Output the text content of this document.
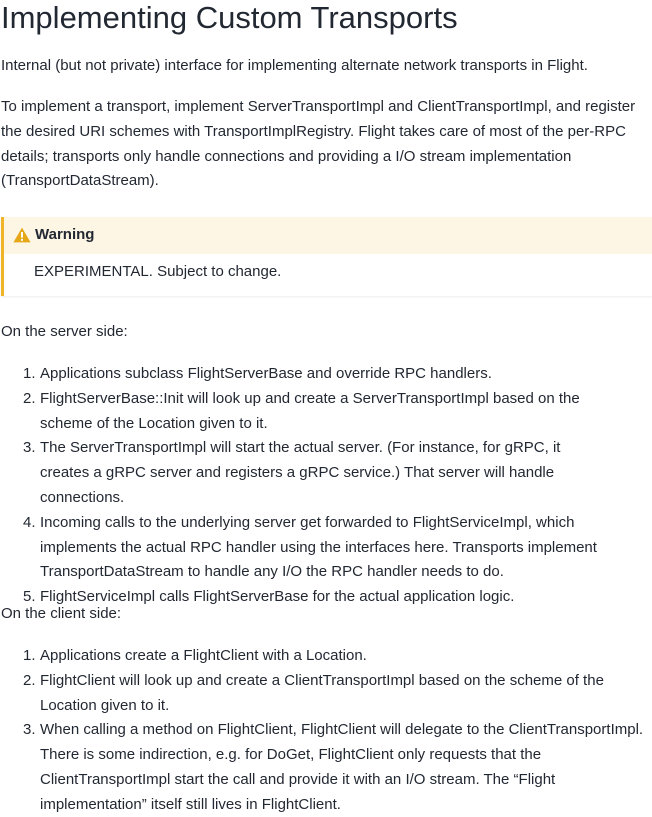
Implementing Custom Transports

Internal (but not private) interface for implementing alternate network transports in Flight.

To implement a transport, implement ServerTransportImpl and ClientTransportImpl, and register the desired URI schemes with TransportImplRegistry. Flight takes care of most of the per-RPC details; transports only handle connections and providing a I/O stream implementation (TransportDataStream).

Warning
EXPERIMENTAL. Subject to change.

On the server side:

1. Applications subclass FlightServerBase and override RPC handlers.
2. FlightServerBase::Init will look up and create a ServerTransportImpl based on the scheme of the Location given to it.
3. The ServerTransportImpl will start the actual server. (For instance, for gRPC, it creates a gRPC server and registers a gRPC service.) That server will handle connections.
4. Incoming calls to the underlying server get forwarded to FlightServiceImpl, which implements the actual RPC handler using the interfaces here. Transports implement TransportDataStream to handle any I/O the RPC handler needs to do.
5. FlightServiceImpl calls FlightServerBase for the actual application logic.

On the client side:

1. Applications create a FlightClient with a Location.
2. FlightClient will look up and create a ClientTransportImpl based on the scheme of the Location given to it.
3. When calling a method on FlightClient, FlightClient will delegate to the ClientTransportImpl. There is some indirection, e.g. for DoGet, FlightClient only requests that the ClientTransportImpl start the call and provide it with an I/O stream. The “Flight implementation” itself still lives in FlightClient.
